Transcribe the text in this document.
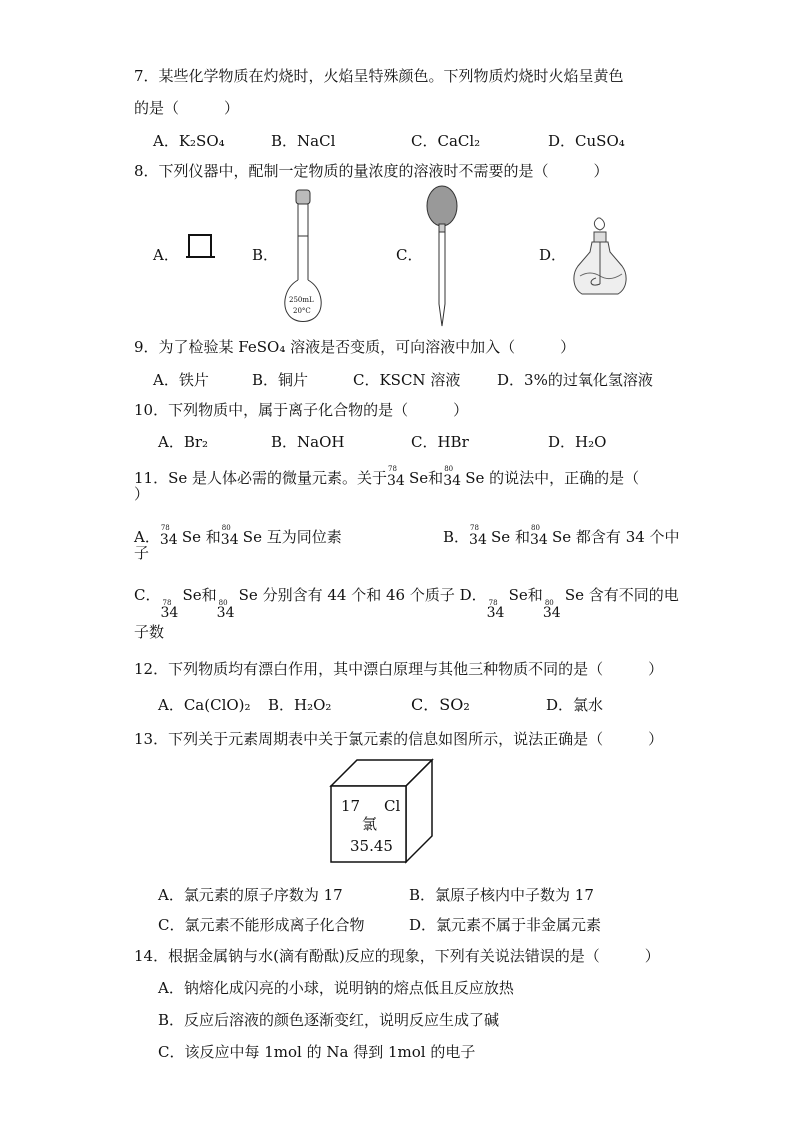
7．某些化学物质在灼烧时，火焰呈特殊颜色。下列物质灼烧时火焰呈黄色
的是（　　　）
A．K₂SO₄	B．NaCl	C．CaCl₂	D．CuSO₄
8．下列仪器中，配制一定物质的量浓度的溶液时不需要的是（　　　）
A．	B．
250mL
20°C
C．	D．
9．为了检验某 FeSO₄ 溶液是否变质，可向溶液中加入（　　　）
A．铁片	B．铜片	C．KSCN 溶液 D．3%的过氧化氢溶液
10．下列物质中，属于离子化合物的是（　　　）
A．Br₂	B．NaOH	C．HBr	D．H₂O
11．Se 是人体必需的微量元素。关于 78
34 Se和 80
34 Se 的说法中，正确的是（
）
A． 78
34 Se 和 80
34 Se 互为同位素	B． 78
34 Se 和 80
34 Se 都含有 34 个中
子
C． 78
34
Se和 80
34
Se 分别含有 44 个和 46 个质子 D． 78
34
Se和 80
34
Se 含有不同的电
子数
12．下列物质均有漂白作用，其中漂白原理与其他三种物质不同的是（　　　）
A．Ca(ClO)₂ B．H₂O₂	C．SO₂	D．氯水
13．下列关于元素周期表中关于氯元素的信息如图所示，说法正确是（　　　）
17 Cl
氯
35.45
A．氯元素的原子序数为 17	B．氯原子核内中子数为 17
C．氯元素不能形成离子化合物	D．氯元素不属于非金属元素
14．根据金属钠与水(滴有酚酞)反应的现象，下列有关说法错误的是（　　　）
A．钠熔化成闪亮的小球，说明钠的熔点低且反应放热
B．反应后溶液的颜色逐渐变红，说明反应生成了碱
C．该反应中每 1mol 的 Na 得到 1mol 的电子
